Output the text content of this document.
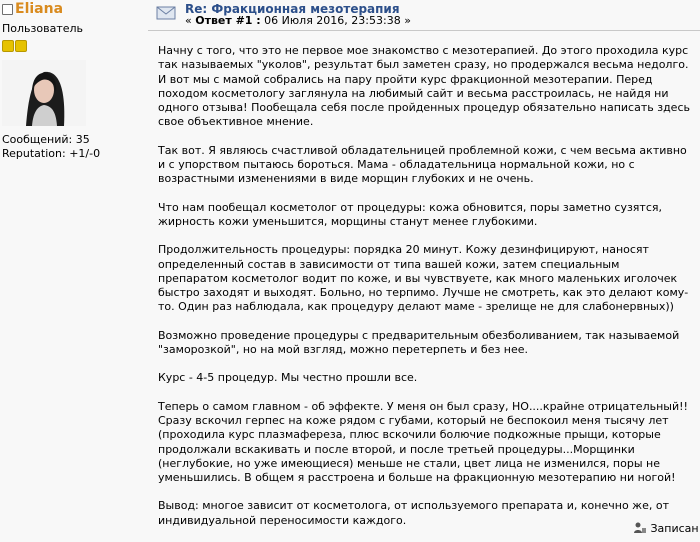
Eliana
Пользователь
Сообщений: 35
Reputation: +1/-0
Re: Фракционная мезотерапия
« Ответ #1 : 06 Июля 2016, 23:53:38 »

Начну с того, что это не первое мое знакомство с мезотерапией. До этого проходила курс так называемых "уколов", результат был заметен сразу, но продержался весьма недолго. И вот мы с мамой собрались на пару пройти курс фракционной мезотерапии. Перед походом косметологу заглянула на любимый сайт и весьма расстроилась, не найдя ни одного отзыва! Пообещала себя после пройденных процедур обязательно написать здесь свое объективное мнение.

Так вот. Я являюсь счастливой обладательницей проблемной кожи, с чем весьма активно и с упорством пытаюсь бороться. Мама - обладательница нормальной кожи, но с возрастными изменениями в виде морщин глубоких и не очень.

Что нам пообещал косметолог от процедуры: кожа обновится, поры заметно сузятся, жирность кожи уменьшится, морщины станут менее глубокими.

Продолжительность процедуры: порядка 20 минут. Кожу дезинфицируют, наносят определенный состав в зависимости от типа вашей кожи, затем специальным препаратом косметолог водит по коже, и вы чувствуете, как много маленьких иголочек быстро заходят и выходят. Больно, но терпимо. Лучше не смотреть, как это делают кому-то. Один раз наблюдала, как процедуру делают маме - зрелище не для слабонервных))

Возможно проведение процедуры с предварительным обезболиванием, так называемой "заморозкой", но на мой взгляд, можно перетерпеть и без нее.

Курс - 4-5 процедур. Мы честно прошли все.

Теперь о самом главном - об эффекте. У меня он был сразу, НО....крайне отрицательный!! Сразу вскочил герпес на коже рядом с губами, который не беспокоил меня тысячу лет (проходила курс плазмафереза, плюс вскочили болючие подкожные прыщи, которые продолжали вскакивать и после второй, и после третьей процедуры...Морщинки (неглубокие, но уже имеющиеся) меньше не стали, цвет лица не изменился, поры не уменьшились. В общем я расстроена и больше на фракционную мезотерапию ни ногой!

Вывод: многое зависит от косметолога, от используемого препарата и, конечно же, от индивидуальной переносимости каждого.

Записан
